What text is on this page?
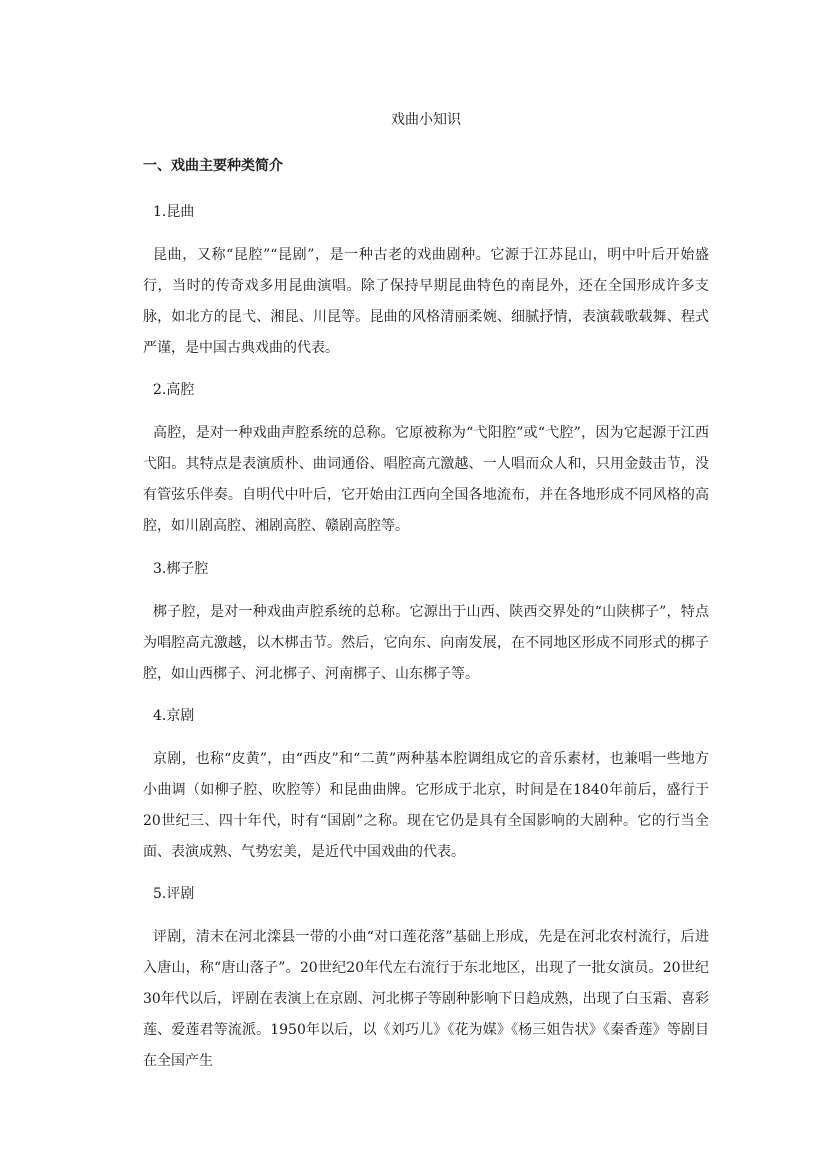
戏曲小知识
一、戏曲主要种类简介
1.昆曲

昆曲，又称“昆腔”“昆剧”，是一种古老的戏曲剧种。它源于江苏昆山，明中叶后开始盛行，当时的传奇戏多用昆曲演唱。除了保持早期昆曲特色的南昆外，还在全国形成许多支脉，如北方的昆弋、湘昆、川昆等。昆曲的风格清丽柔婉、细腻抒情，表演载歌载舞、程式严谨，是中国古典戏曲的代表。

2.高腔

高腔，是对一种戏曲声腔系统的总称。它原被称为“弋阳腔”或“弋腔”，因为它起源于江西弋阳。其特点是表演质朴、曲词通俗、唱腔高亢激越、一人唱而众人和，只用金鼓击节，没有管弦乐伴奏。自明代中叶后，它开始由江西向全国各地流布，并在各地形成不同风格的高腔，如川剧高腔、湘剧高腔、赣剧高腔等。

3.梆子腔

梆子腔，是对一种戏曲声腔系统的总称。它源出于山西、陕西交界处的“山陕梆子”，特点为唱腔高亢激越，以木梆击节。然后，它向东、向南发展，在不同地区形成不同形式的梆子腔，如山西梆子、河北梆子、河南梆子、山东梆子等。

4.京剧

京剧，也称“皮黄”，由“西皮”和“二黄”两种基本腔调组成它的音乐素材，也兼唱一些地方小曲调（如柳子腔、吹腔等）和昆曲曲牌。它形成于北京，时间是在1840年前后，盛行于20世纪三、四十年代，时有“国剧”之称。现在它仍是具有全国影响的大剧种。它的行当全面、表演成熟、气势宏美，是近代中国戏曲的代表。

5.评剧

评剧，清末在河北滦县一带的小曲“对口莲花落”基础上形成，先是在河北农村流行，后进入唐山，称“唐山落子”。20世纪20年代左右流行于东北地区，出现了一批女演员。20世纪30年代以后，评剧在表演上在京剧、河北梆子等剧种影响下日趋成熟，出现了白玉霜、喜彩莲、爱莲君等流派。1950年以后，以《刘巧儿》《花为媒》《杨三姐告状》《秦香莲》等剧目在全国产生
